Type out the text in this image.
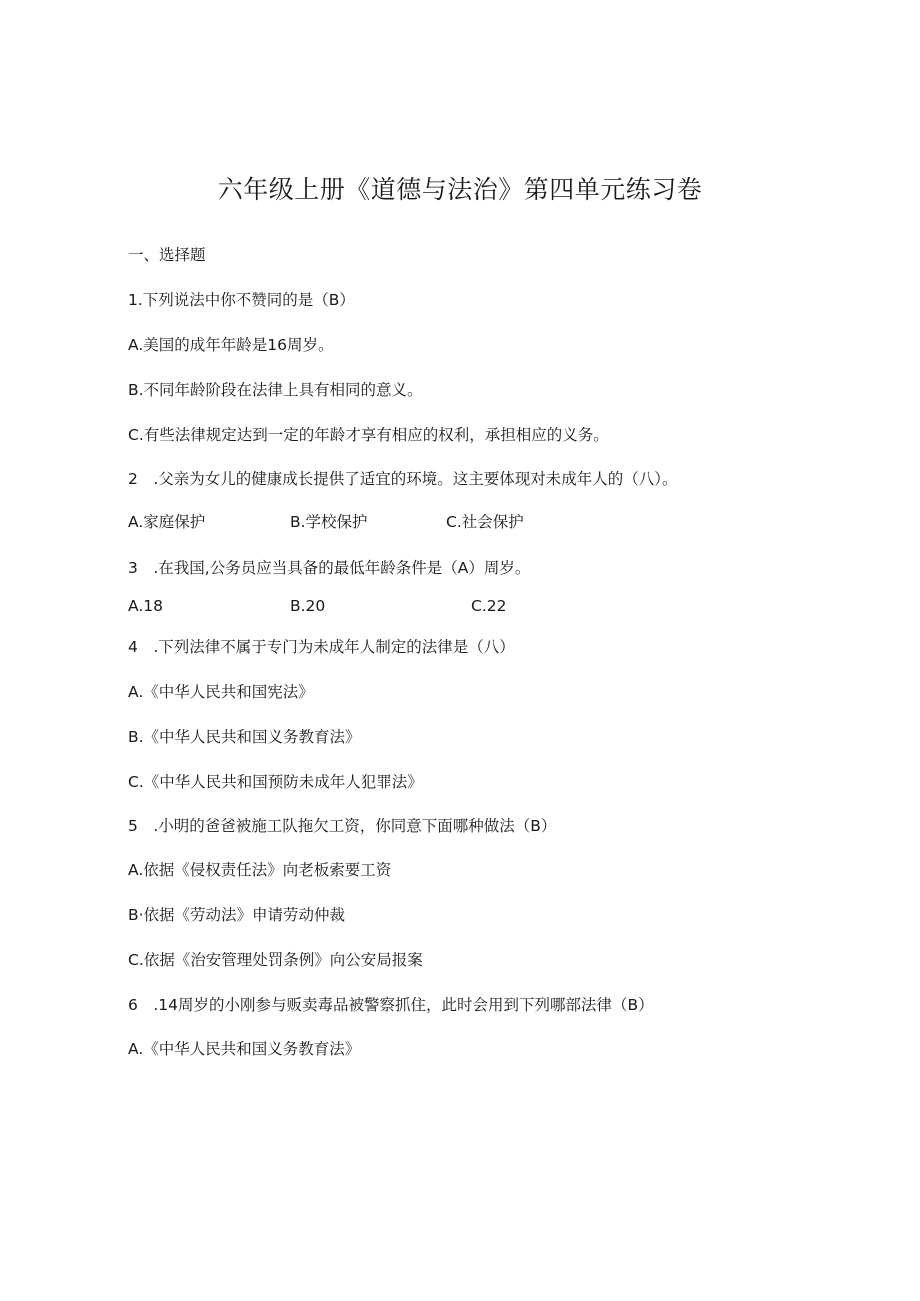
六年级上册《道德与法治》第四单元练习卷
一、选择题
1.下列说法中你不赞同的是（B）
A.美国的成年年龄是16周岁。
B.不同年龄阶段在法律上具有相同的意义。
C.有些法律规定达到一定的年龄才享有相应的权利，承担相应的义务。
2　.父亲为女儿的健康成长提供了适宜的环境。这主要体现对未成年人的（八）。
A.家庭保护	B.学校保护	C.社会保护
3　.在我国,公务员应当具备的最低年龄条件是（A）周岁。
A.18	B.20	C.22
4　.下列法律不属于专门为未成年人制定的法律是（八）
A.《中华人民共和国宪法》
B.《中华人民共和国义务教育法》
C.《中华人民共和国预防未成年人犯罪法》
5　.小明的爸爸被施工队拖欠工资，你同意下面哪种做法（B）
A.依据《侵权责任法》向老板索要工资
B·依据《劳动法》申请劳动仲裁
C.依据《治安管理处罚条例》向公安局报案
6　.14周岁的小刚参与贩卖毒品被警察抓住，此时会用到下列哪部法律（B）
A.《中华人民共和国义务教育法》
